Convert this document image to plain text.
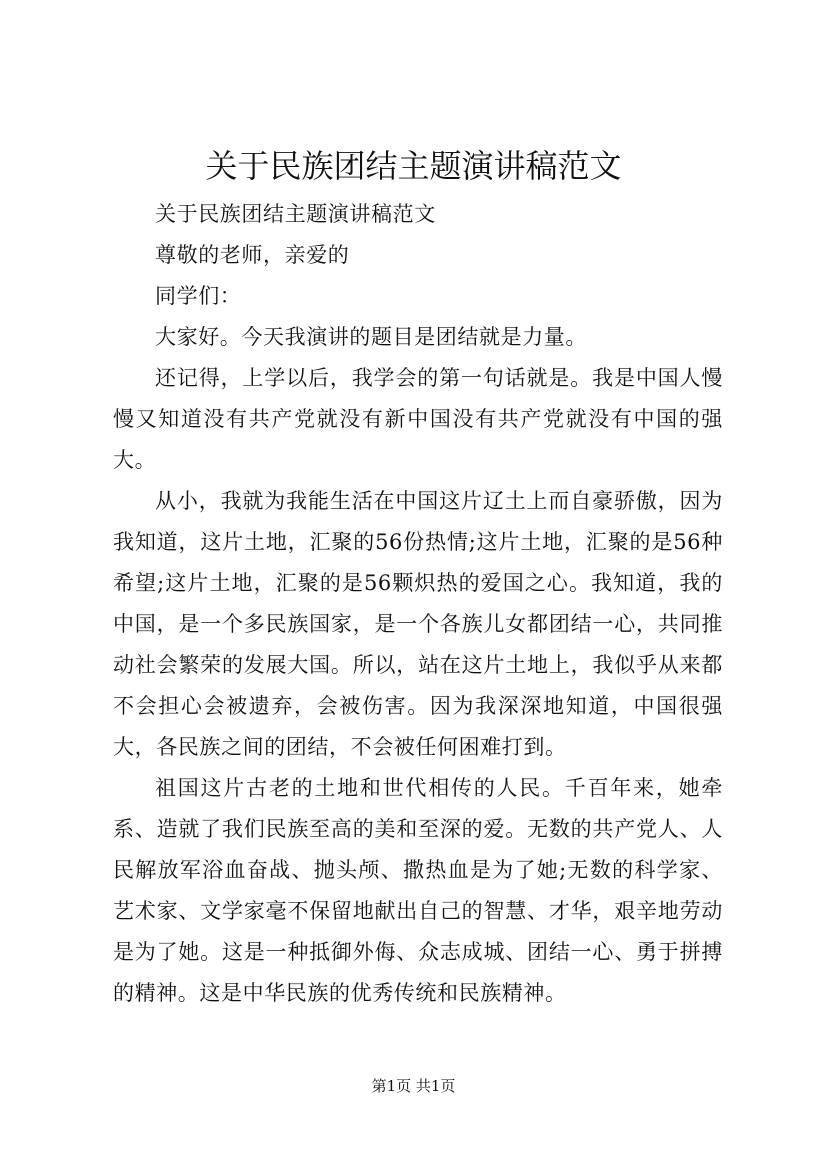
关于民族团结主题演讲稿范文

关于民族团结主题演讲稿范文

尊敬的老师，亲爱的

同学们：

大家好。今天我演讲的题目是团结就是力量。

还记得，上学以后，我学会的第一句话就是。我是中国人慢慢又知道没有共产党就没有新中国没有共产党就没有中国的强大。

从小，我就为我能生活在中国这片辽土上而自豪骄傲，因为我知道，这片土地，汇聚的56份热情;这片土地，汇聚的是56种希望;这片土地，汇聚的是56颗炽热的爱国之心。我知道，我的中国，是一个多民族国家，是一个各族儿女都团结一心，共同推动社会繁荣的发展大国。所以，站在这片土地上，我似乎从来都不会担心会被遗弃，会被伤害。因为我深深地知道，中国很强大，各民族之间的团结，不会被任何困难打到。

祖国这片古老的土地和世代相传的人民。千百年来，她牵系、造就了我们民族至高的美和至深的爱。无数的共产党人、人民解放军浴血奋战、抛头颅、撒热血是为了她;无数的科学家、艺术家、文学家毫不保留地献出自己的智慧、才华，艰辛地劳动是为了她。这是一种抵御外侮、众志成城、团结一心、勇于拼搏的精神。这是中华民族的优秀传统和民族精神。

第1页 共1页
